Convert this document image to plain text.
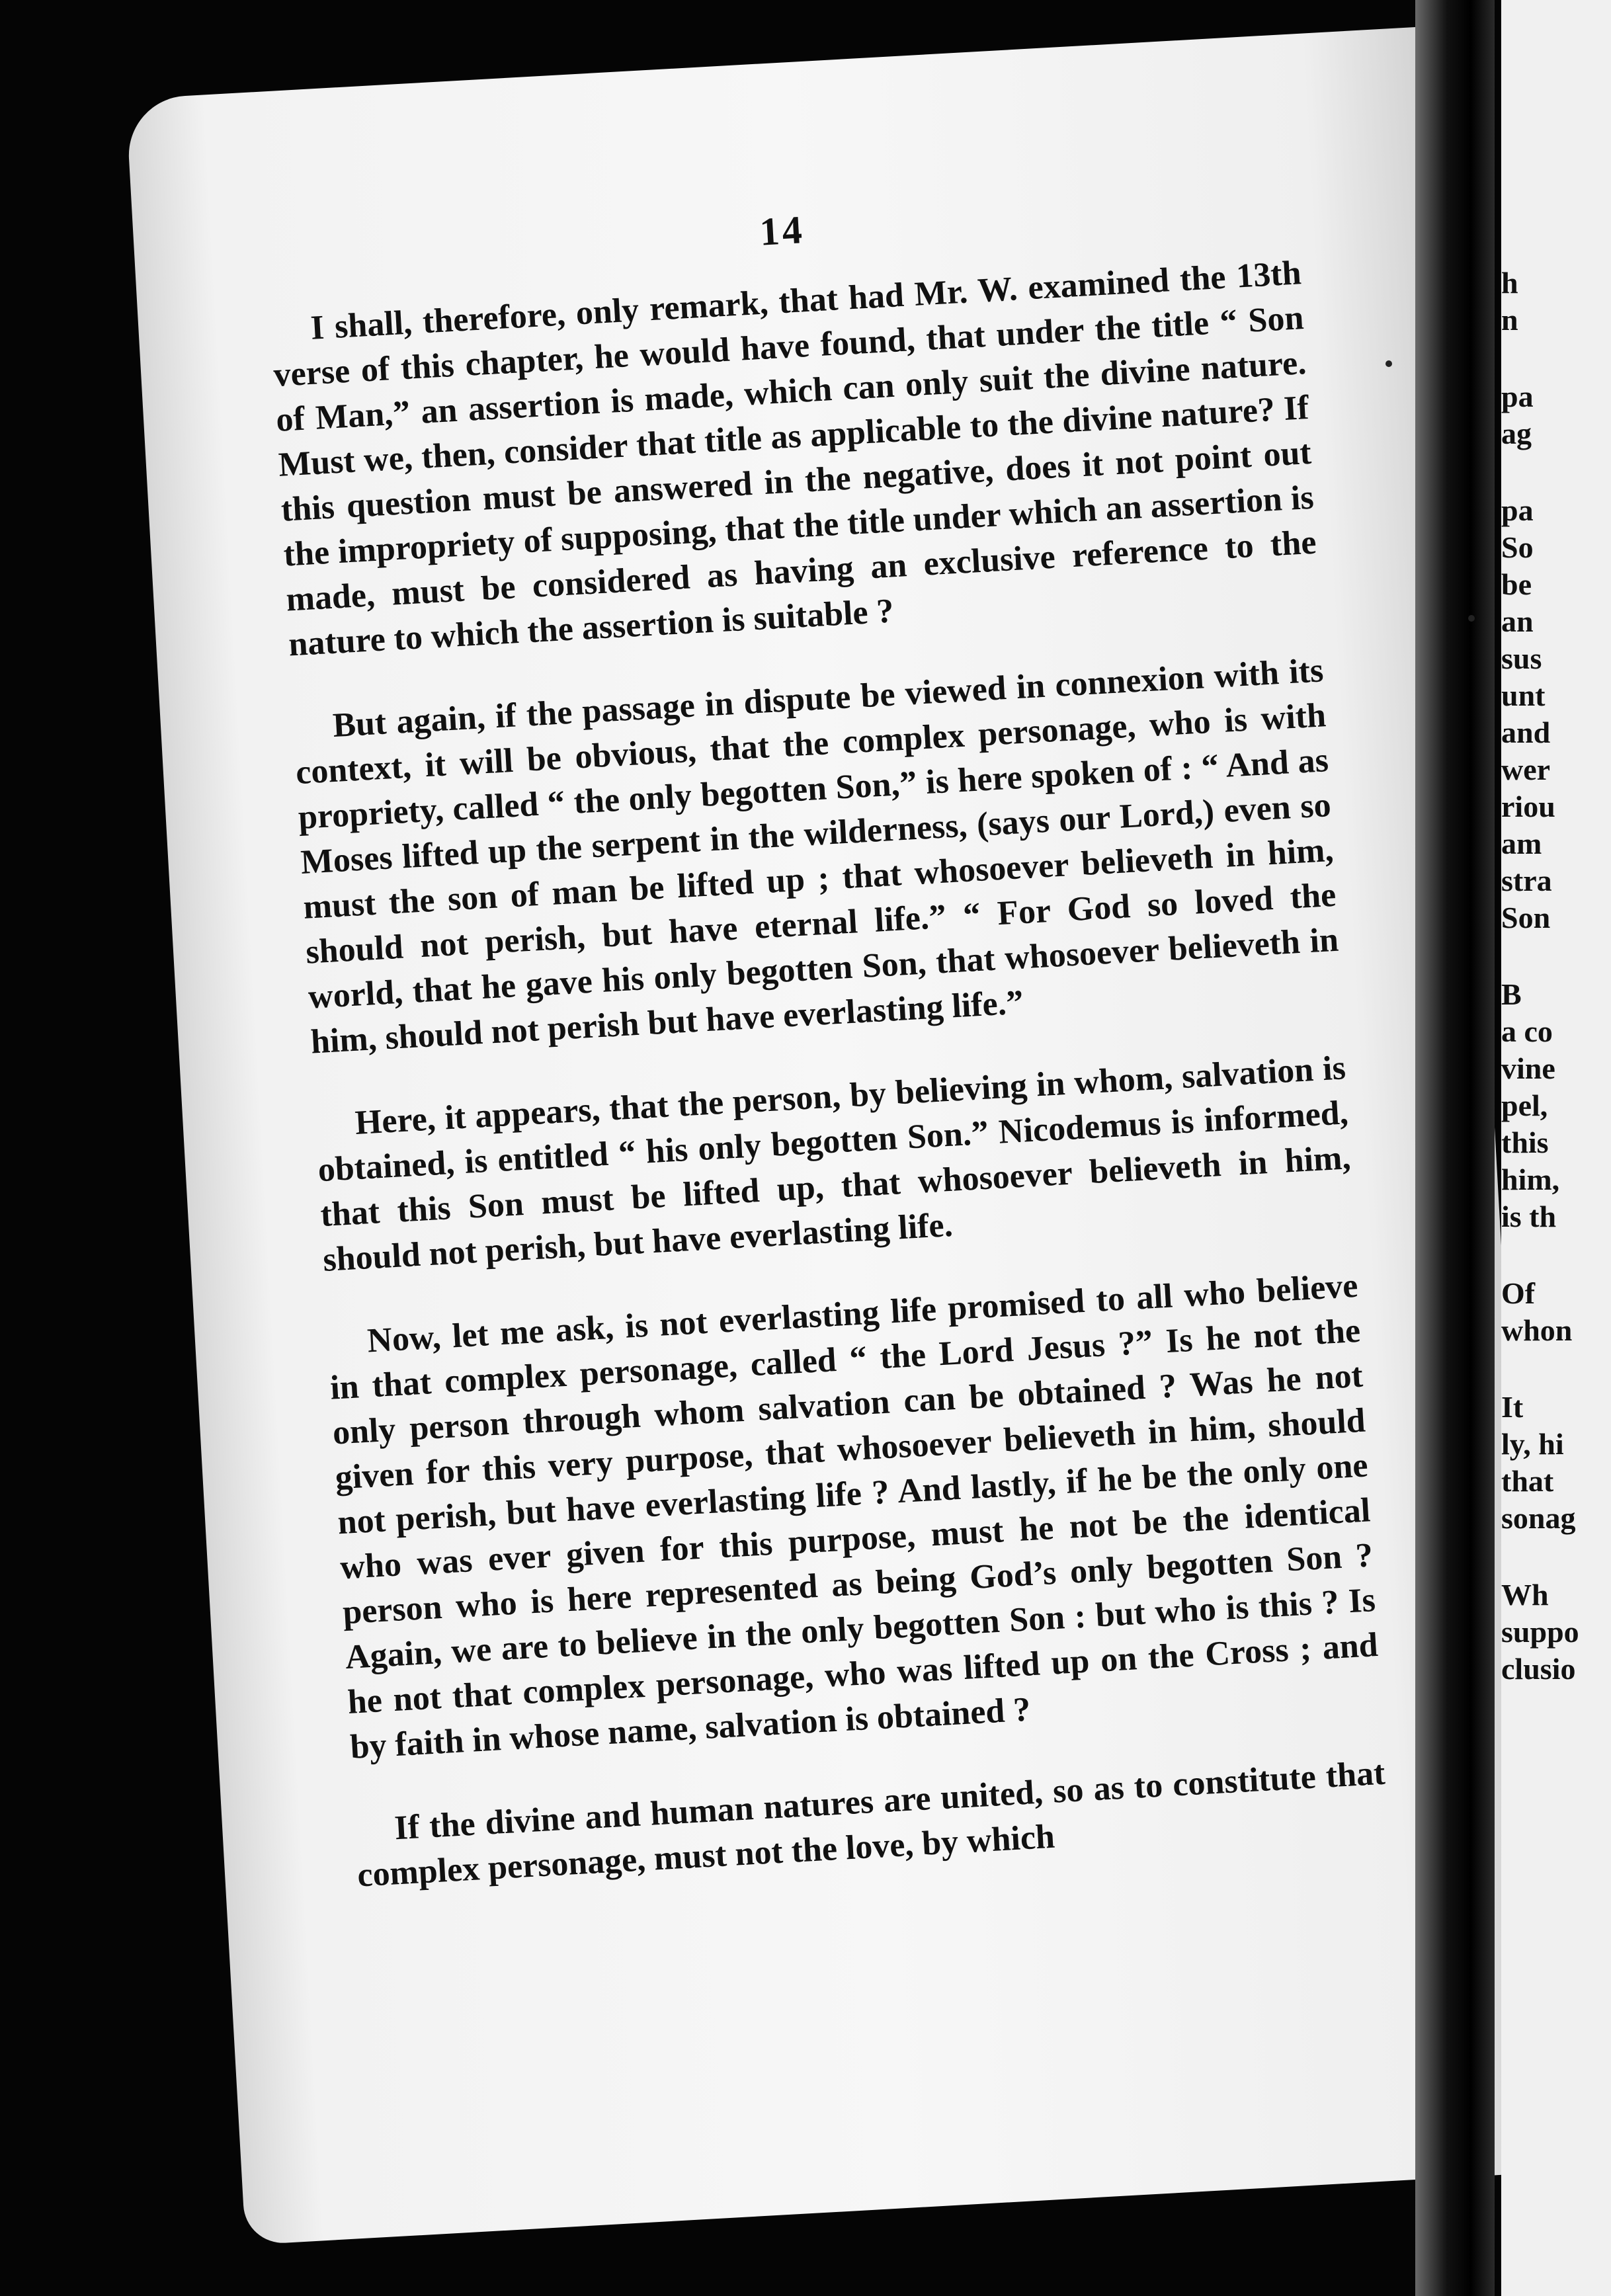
14

I shall, therefore, only remark, that had Mr. W. examined the 13th verse of this chapter, he would have found, that under the title “ Son of Man,” an assertion is made, which can only suit the divine nature. Must we, then, consider that title as applicable to the divine nature? If this question must be answered in the negative, does it not point out the impropriety of supposing, that the title under which an assertion is made, must be considered as having an exclusive reference to the nature to which the assertion is suitable ?

But again, if the passage in dispute be viewed in connexion with its context, it will be obvious, that the complex personage, who is with propriety, called “ the only begotten Son,” is here spoken of : “ And as Moses lifted up the serpent in the wilderness, (says our Lord,) even so must the son of man be lifted up ; that whosoever believeth in him, should not perish, but have eternal life.” “ For God so loved the world, that he gave his only begotten Son, that whosoever believeth in him, should not perish but have everlasting life.”

Here, it appears, that the person, by believing in whom, salvation is obtained, is entitled “ his only begotten Son.” Nicodemus is informed, that this Son must be lifted up, that whosoever believeth in him, should not perish, but have everlasting life.

Now, let me ask, is not everlasting life promised to all who believe in that complex personage, called “ the Lord Jesus ?” Is he not the only person through whom salvation can be obtained ? Was he not given for this very purpose, that whosoever believeth in him, should not perish, but have everlasting life ? And lastly, if he be the only one who was ever given for this purpose, must he not be the identical person who is here represented as being God’s only begotten Son ? Again, we are to believe in the only begotten Son : but who is this ? Is he not that complex personage, who was lifted up on the Cross ; and by faith in whose name, salvation is obtained ?

If the divine and human natures are united, so as to constitute that complex personage, must not the love, by which

h
n
pa
ag
pa
So
be
an
sus
unt
and
wer
riou
am
stra
Son
B
a co
vine
pel,
this
him,
is th
Of
whon
It
ly, hi
that
sonag
Wh
suppo
clusio
